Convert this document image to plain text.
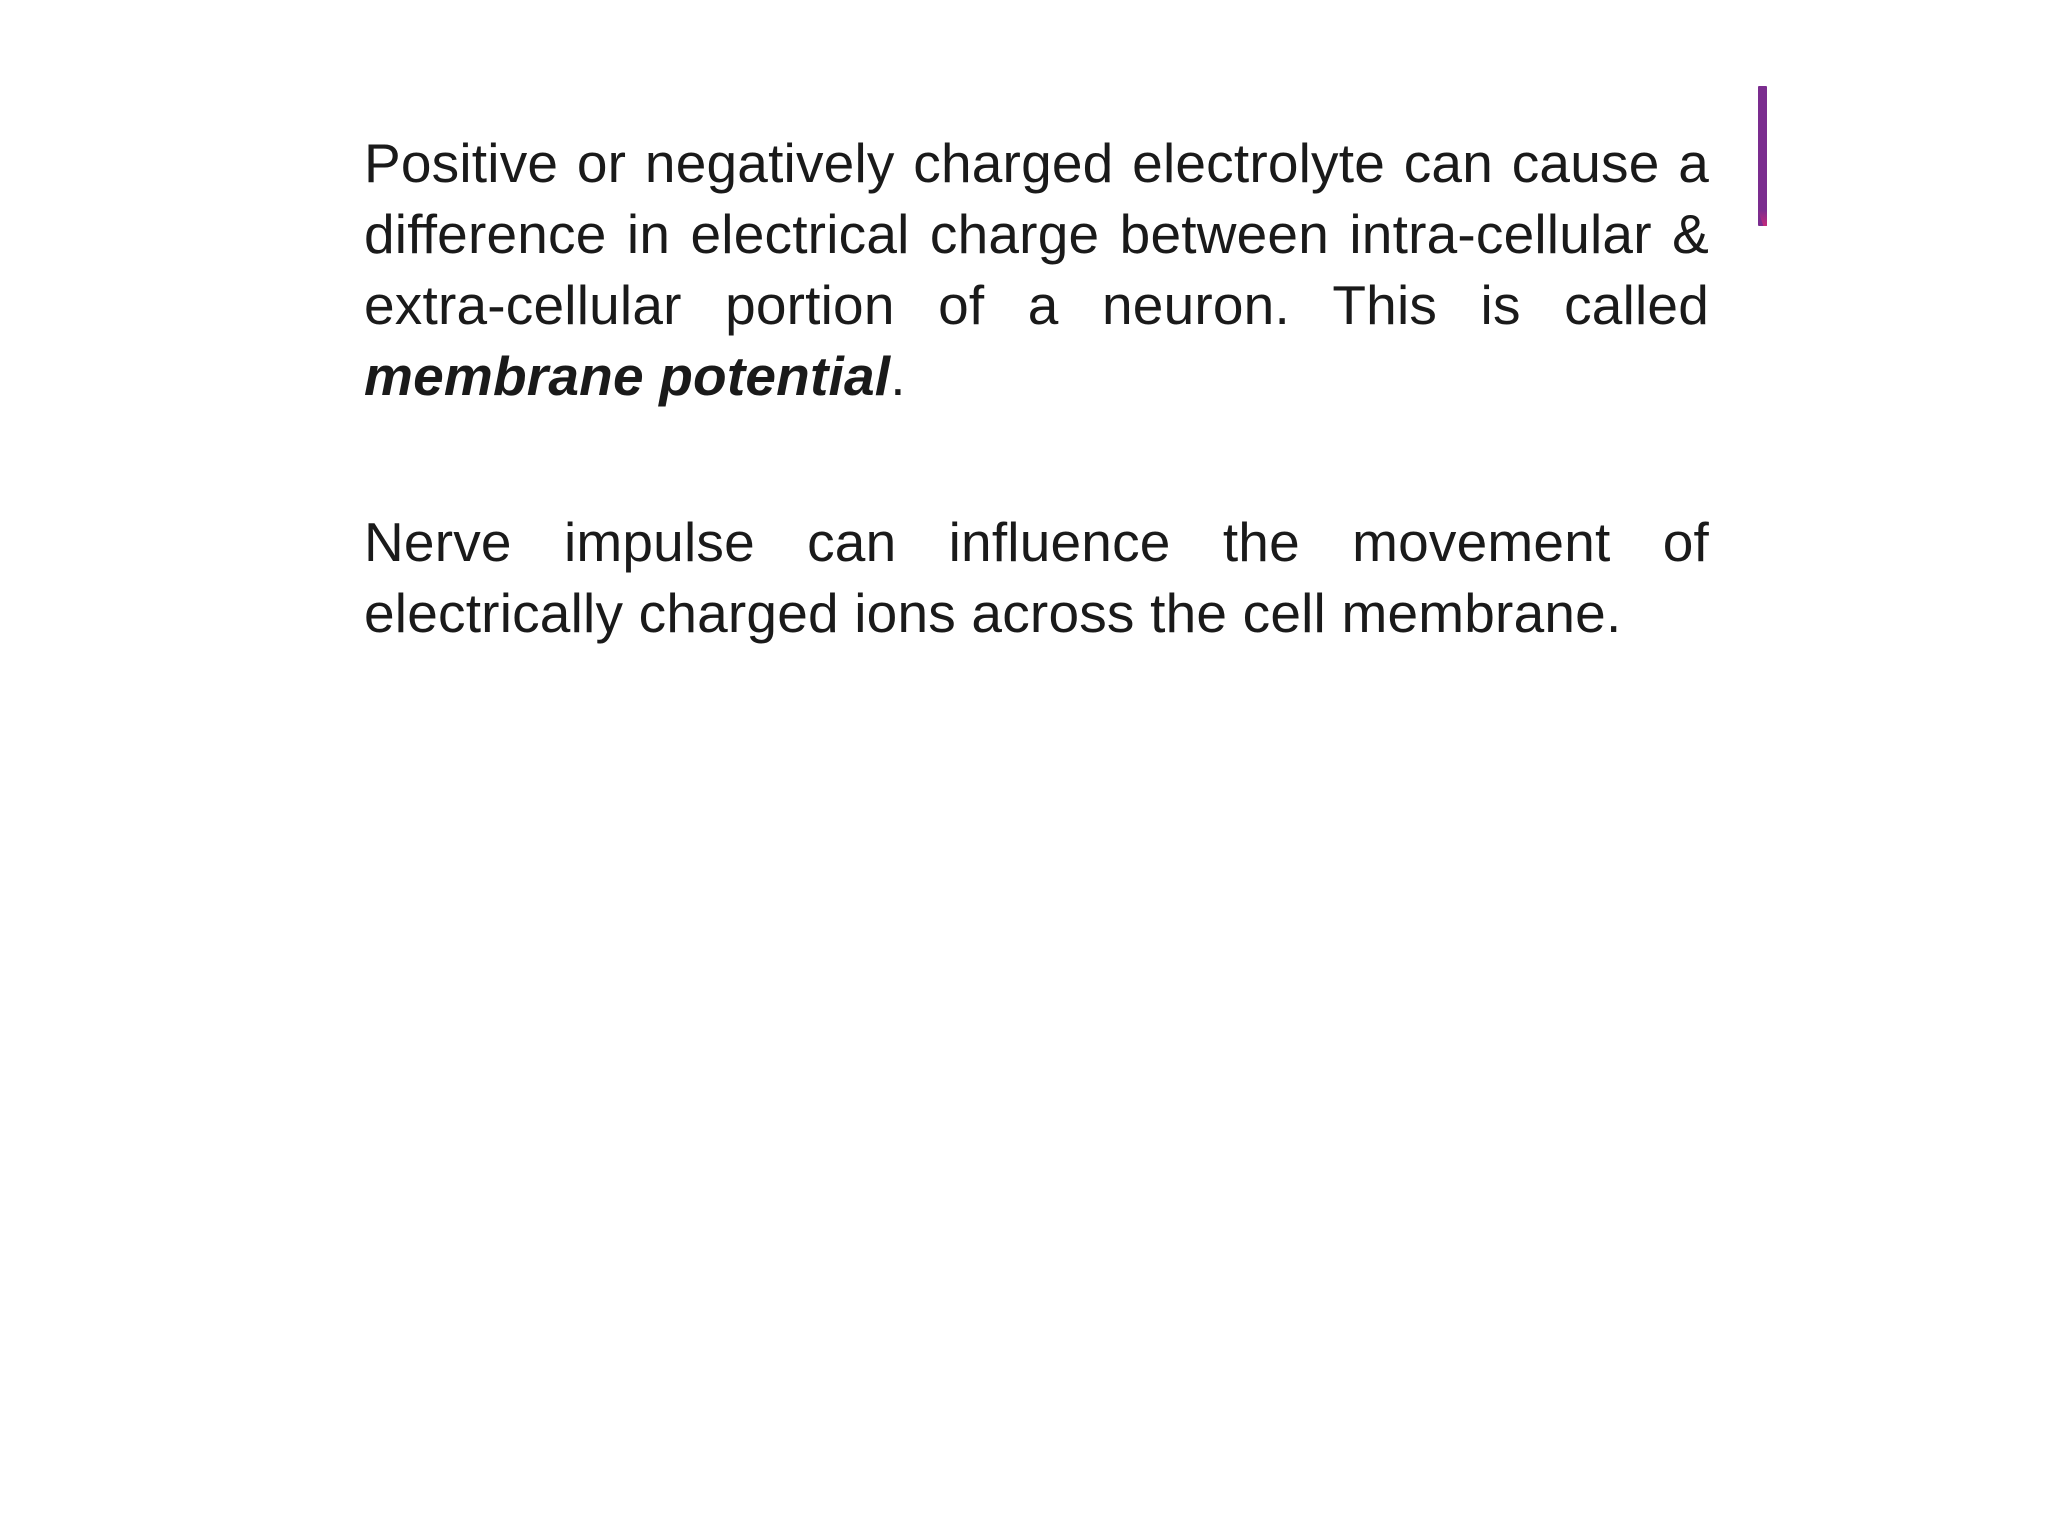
Positive or negatively charged electrolyte can cause a difference in electrical charge between intra-cellular & extra-cellular portion of a neuron. This is called membrane potential.

Nerve impulse can influence the movement of electrically charged ions across the cell membrane.
